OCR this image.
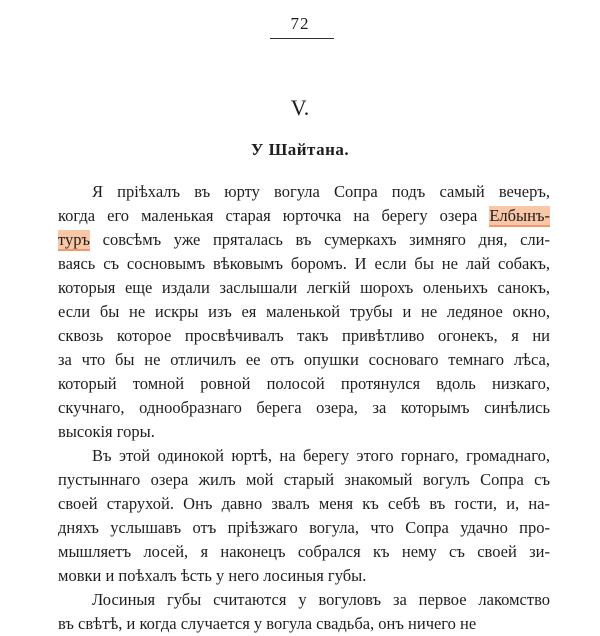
72
V.
У Шайтана.
Я пріѣхалъ въ юрту вогула Сопра подъ самый вечеръ,
когда его маленькая старая юрточка на берегу озера Елбынъ-
туръ совсѣмъ уже пряталась въ сумеркахъ зимняго дня, сли-
ваясь съ сосновымъ вѣковымъ боромъ. И если бы не лай собакъ,
которыя еще издали заслышали легкій шорохъ оленьихъ санокъ,
если бы не искры изъ ея маленькой трубы и не ледяное окно,
сквозь которое просвѣчивалъ такъ привѣтливо огонекъ, я ни
за что бы не отличилъ ее отъ опушки сосноваго темнаго лѣса,
который томной ровной полосой протянулся вдоль низкаго,
скучнаго, однообразнаго берега озера, за которымъ синѣлись
высокія горы.
Въ этой одинокой юртѣ, на берегу этого горнаго, громаднаго,
пустыннаго озера жилъ мой старый знакомый вогулъ Сопра съ
своей старухой. Онъ давно звалъ меня къ себѣ въ гости, и, на-
дняхъ услышавъ отъ пріѣзжаго вогула, что Сопра удачно про-
мышляетъ лосей, я наконецъ собрался къ нему съ своей зи-
мовки и поѣхалъ ѣсть у него лосиныя губы.
Лосиныя губы считаются у вогуловъ за первое лакомство
въ свѣтѣ, и когда случается у вогула свадьба, онъ ничего не
